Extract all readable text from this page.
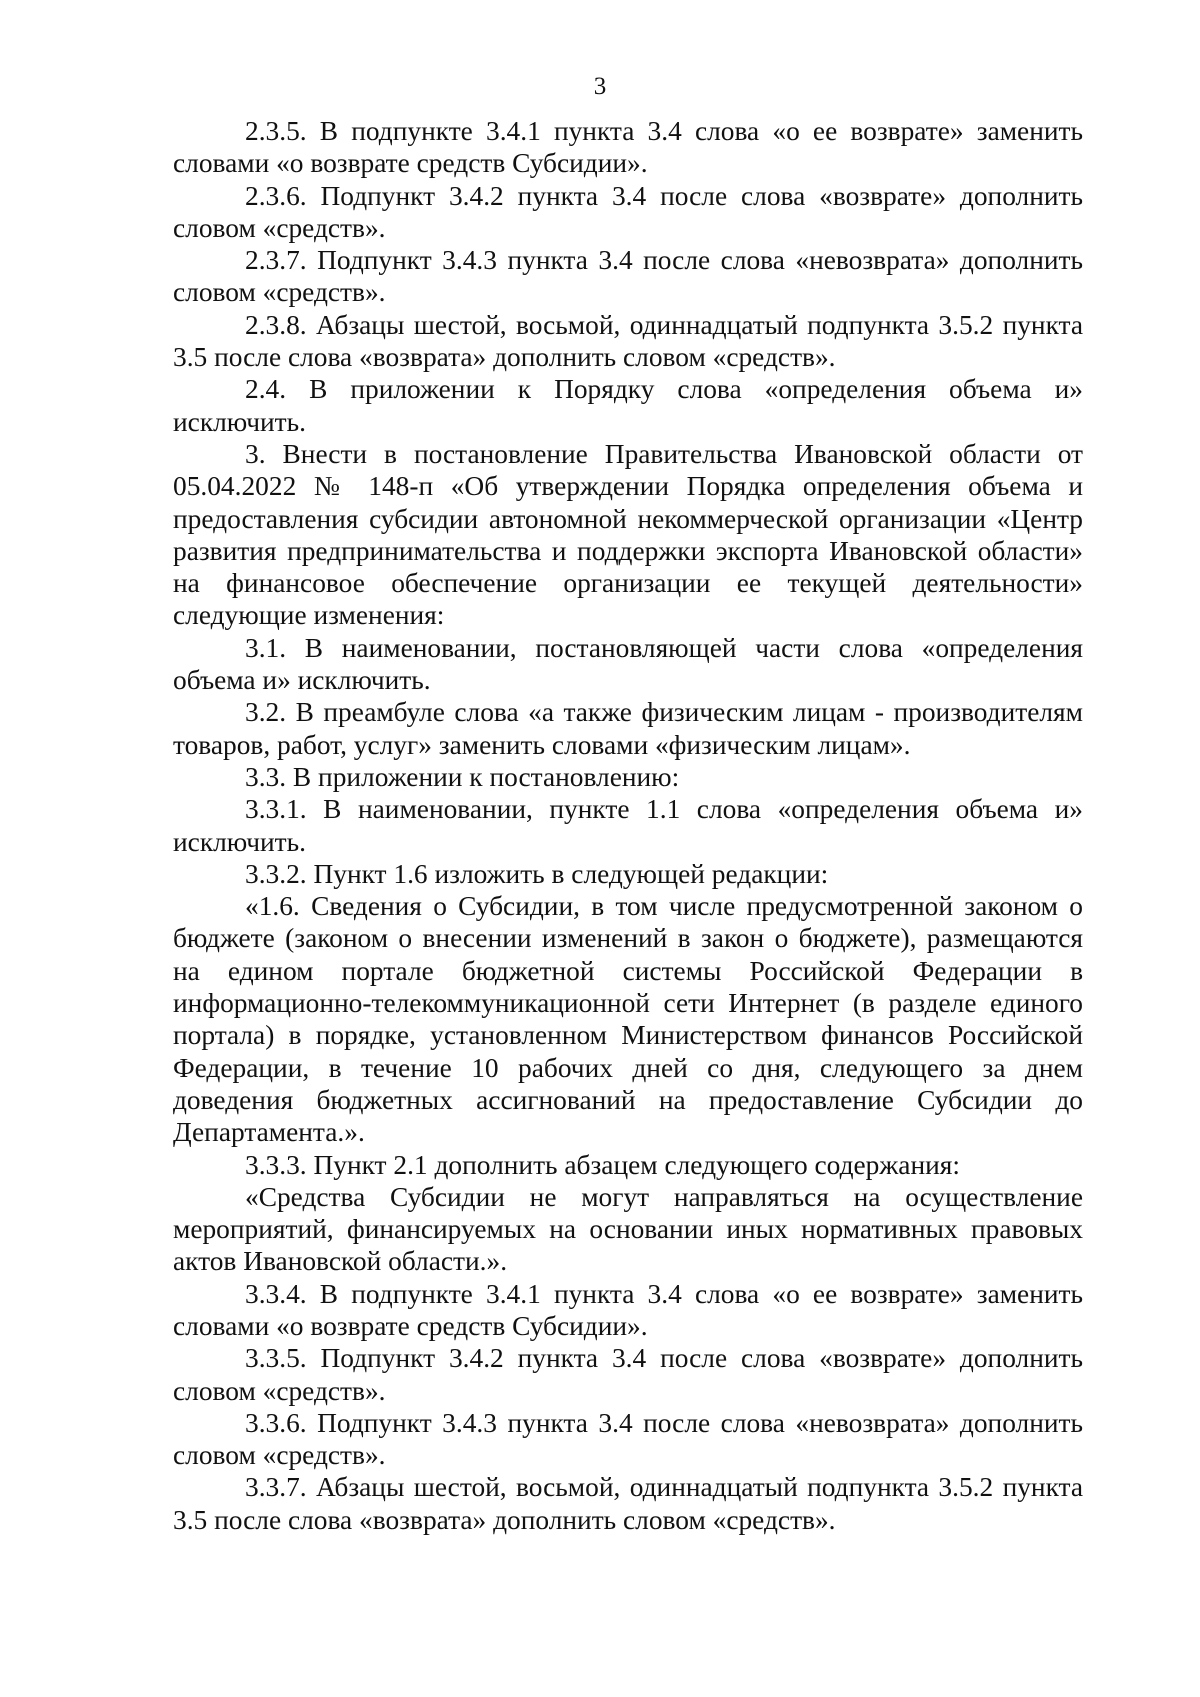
3

2.3.5. В подпункте 3.4.1 пункта 3.4 слова «о ее возврате» заменить словами «о возврате средств Субсидии».

2.3.6. Подпункт 3.4.2 пункта 3.4 после слова «возврате» дополнить словом «средств».

2.3.7. Подпункт 3.4.3 пункта 3.4 после слова «невозврата» дополнить словом «средств».

2.3.8. Абзацы шестой, восьмой, одиннадцатый подпункта 3.5.2 пункта 3.5 после слова «возврата» дополнить словом «средств».

2.4. В приложении к Порядку слова «определения объема и» исключить.

3. Внести в постановление Правительства Ивановской области от 05.04.2022 № 148-п «Об утверждении Порядка определения объема и предоставления субсидии автономной некоммерческой организации «Центр развития предпринимательства и поддержки экспорта Ивановской области» на финансовое обеспечение организации ее текущей деятельности» следующие изменения:

3.1. В наименовании, постановляющей части слова «определения объема и» исключить.

3.2. В преамбуле слова «а также физическим лицам - производителям товаров, работ, услуг» заменить словами «физическим лицам».

3.3. В приложении к постановлению:

3.3.1. В наименовании, пункте 1.1 слова «определения объема и» исключить.

3.3.2. Пункт 1.6 изложить в следующей редакции:

«1.6. Сведения о Субсидии, в том числе предусмотренной законом о бюджете (законом о внесении изменений в закон о бюджете), размещаются на едином портале бюджетной системы Российской Федерации в информационно-телекоммуникационной сети Интернет (в разделе единого портала) в порядке, установленном Министерством финансов Российской Федерации, в течение 10 рабочих дней со дня, следующего за днем доведения бюджетных ассигнований на предоставление Субсидии до Департамента.».

3.3.3. Пункт 2.1 дополнить абзацем следующего содержания:

«Средства Субсидии не могут направляться на осуществление мероприятий, финансируемых на основании иных нормативных правовых актов Ивановской области.».

3.3.4. В подпункте 3.4.1 пункта 3.4 слова «о ее возврате» заменить словами «о возврате средств Субсидии».

3.3.5. Подпункт 3.4.2 пункта 3.4 после слова «возврате» дополнить словом «средств».

3.3.6. Подпункт 3.4.3 пункта 3.4 после слова «невозврата» дополнить словом «средств».

3.3.7. Абзацы шестой, восьмой, одиннадцатый подпункта 3.5.2 пункта 3.5 после слова «возврата» дополнить словом «средств».
